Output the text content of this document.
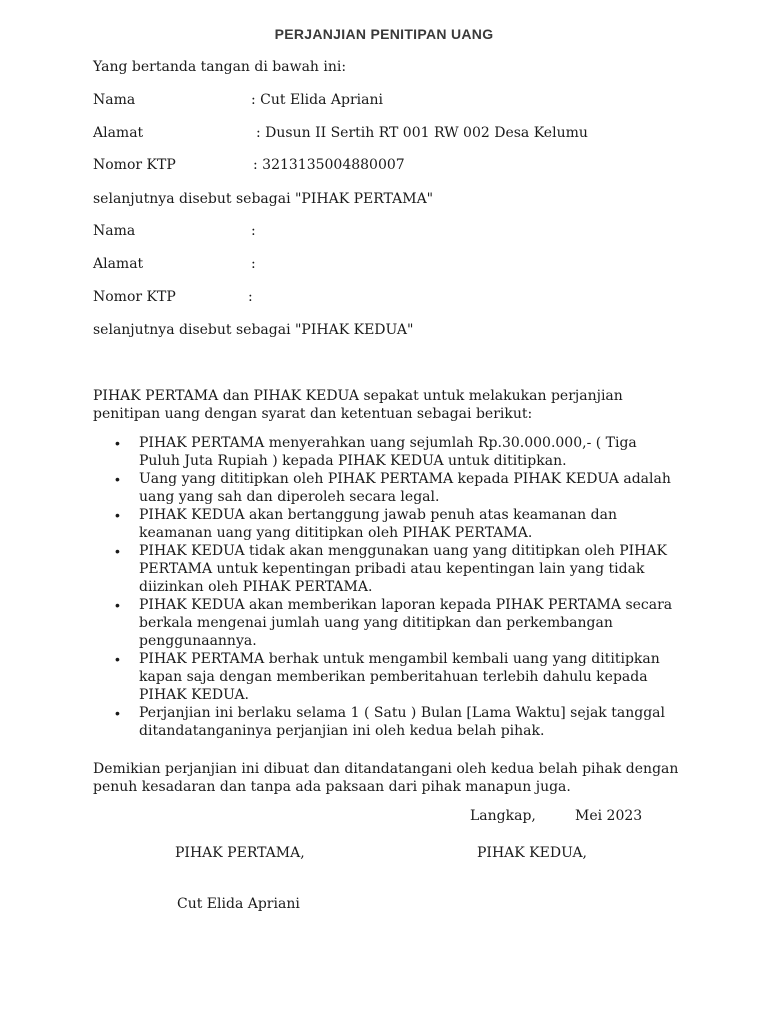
PERJANJIAN PENITIPAN UANG
Yang bertanda tangan di bawah ini:
Nama	: Cut Elida Apriani
Alamat	: Dusun II Sertih RT 001 RW 002 Desa Kelumu
Nomor KTP	: 3213135004880007
selanjutnya disebut sebagai "PIHAK PERTAMA"
Nama	:
Alamat	:
Nomor KTP	:
selanjutnya disebut sebagai "PIHAK KEDUA"
PIHAK PERTAMA dan PIHAK KEDUA sepakat untuk melakukan perjanjian penitipan uang dengan syarat dan ketentuan sebagai berikut:
• PIHAK PERTAMA menyerahkan uang sejumlah Rp.30.000.000,- ( Tiga Puluh Juta Rupiah ) kepada PIHAK KEDUA untuk dititipkan.
• Uang yang dititipkan oleh PIHAK PERTAMA kepada PIHAK KEDUA adalah uang yang sah dan diperoleh secara legal.
• PIHAK KEDUA akan bertanggung jawab penuh atas keamanan dan keamanan uang yang dititipkan oleh PIHAK PERTAMA.
• PIHAK KEDUA tidak akan menggunakan uang yang dititipkan oleh PIHAK PERTAMA untuk kepentingan pribadi atau kepentingan lain yang tidak diizinkan oleh PIHAK PERTAMA.
• PIHAK KEDUA akan memberikan laporan kepada PIHAK PERTAMA secara berkala mengenai jumlah uang yang dititipkan dan perkembangan penggunaannya.
• PIHAK PERTAMA berhak untuk mengambil kembali uang yang dititipkan kapan saja dengan memberikan pemberitahuan terlebih dahulu kepada PIHAK KEDUA.
• Perjanjian ini berlaku selama 1 ( Satu ) Bulan [Lama Waktu] sejak tanggal ditandatanganinya perjanjian ini oleh kedua belah pihak.
Demikian perjanjian ini dibuat dan ditandatangani oleh kedua belah pihak dengan penuh kesadaran dan tanpa ada paksaan dari pihak manapun juga.
Langkap,	Mei 2023
PIHAK PERTAMA,	PIHAK KEDUA,
Cut Elida Apriani
